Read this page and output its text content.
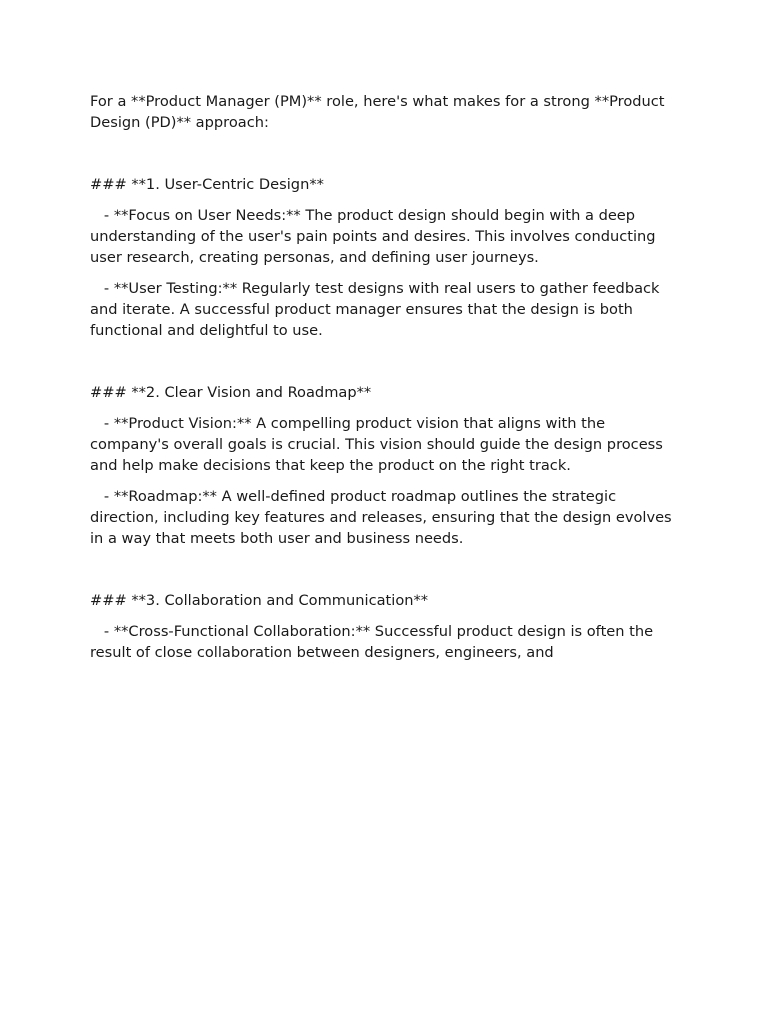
For a **Product Manager (PM)** role, here's what makes for a strong **Product Design (PD)** approach:

### **1. User-Centric Design**

- **Focus on User Needs:** The product design should begin with a deep understanding of the user's pain points and desires. This involves conducting user research, creating personas, and defining user journeys.

- **User Testing:** Regularly test designs with real users to gather feedback and iterate. A successful product manager ensures that the design is both functional and delightful to use.

### **2. Clear Vision and Roadmap**

- **Product Vision:** A compelling product vision that aligns with the company's overall goals is crucial. This vision should guide the design process and help make decisions that keep the product on the right track.

- **Roadmap:** A well-defined product roadmap outlines the strategic direction, including key features and releases, ensuring that the design evolves in a way that meets both user and business needs.

### **3. Collaboration and Communication**

- **Cross-Functional Collaboration:** Successful product design is often the result of close collaboration between designers, engineers, and
